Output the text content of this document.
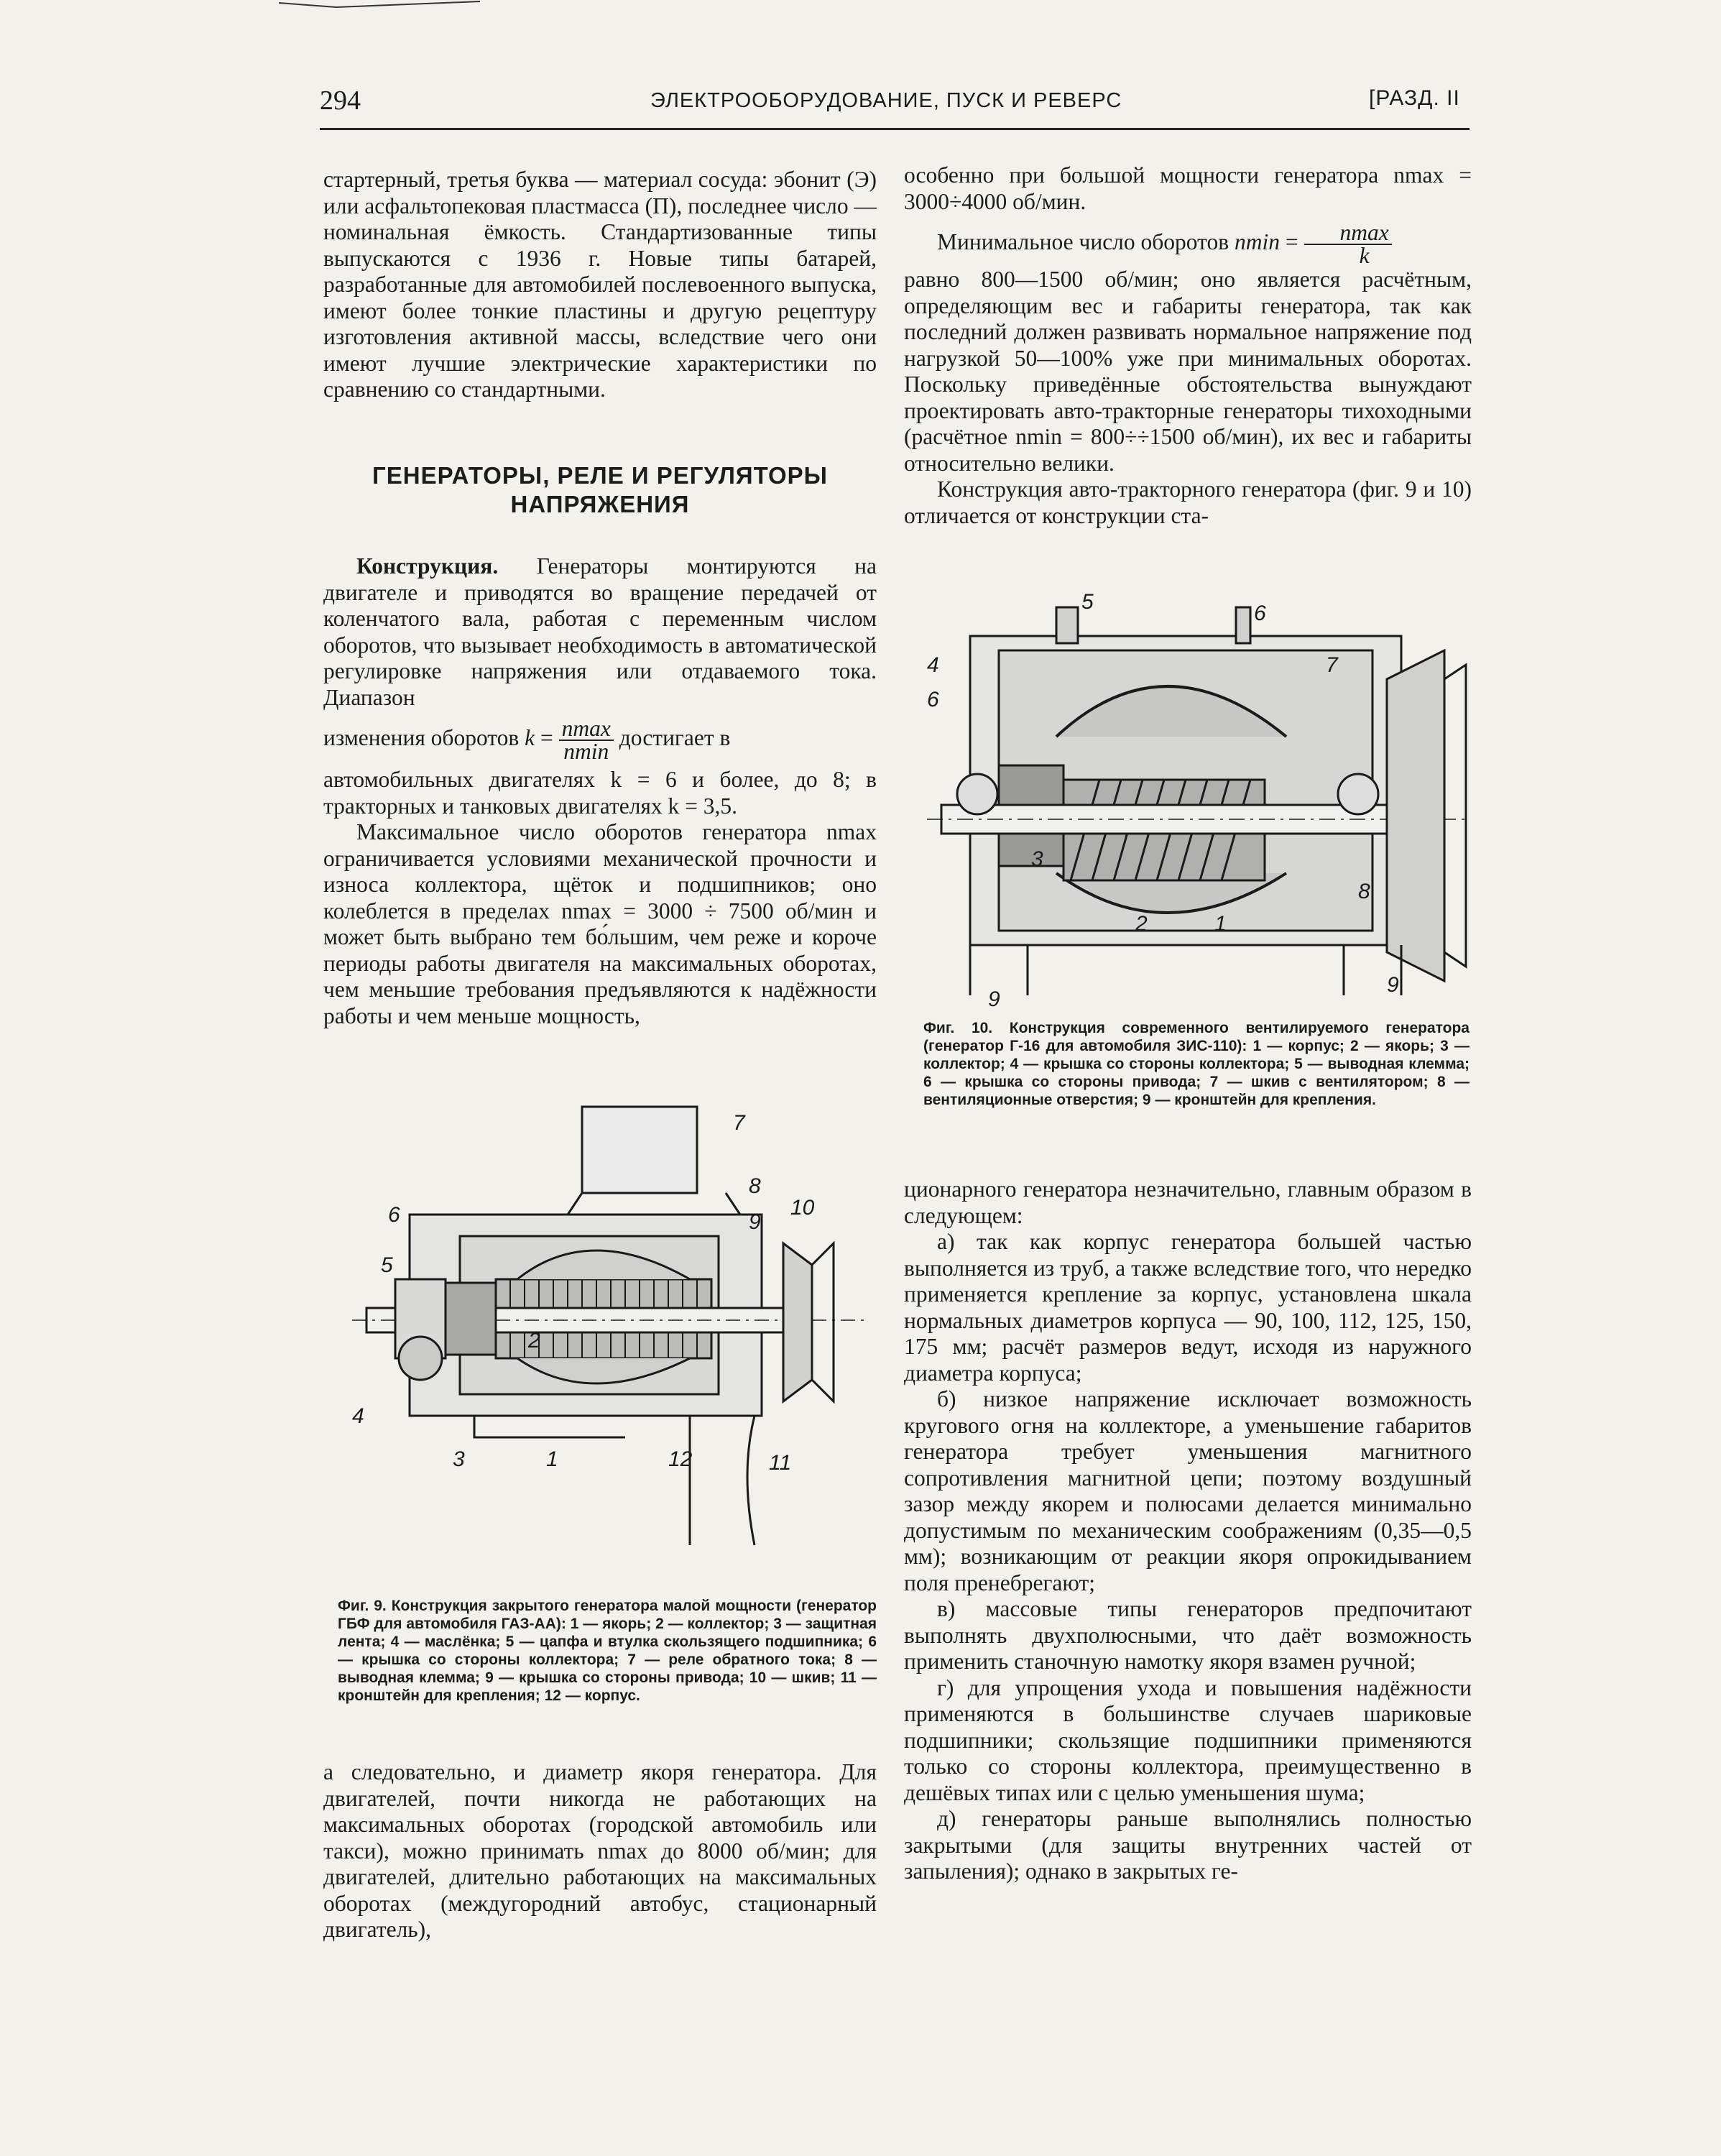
294	ЭЛЕКТРООБОРУДОВАНИЕ, ПУСК И РЕВЕРС	[РАЗД. II

стартерный, третья буква — материал сосуда: эбонит (Э) или асфальтопековая пластмасса (П), последнее число — номинальная ёмкость. Стандартизованные типы выпускаются с 1936 г. Новые типы батарей, разработанные для автомобилей послевоенного выпуска, имеют более тонкие пластины и другую рецептуру изготовления активной массы, вследствие чего они имеют лучшие электрические характеристики по сравнению со стандартными.

ГЕНЕРАТОРЫ, РЕЛЕ И РЕГУЛЯТОРЫ
НАПРЯЖЕНИЯ

Конструкция. Генераторы монтируются на двигателе и приводятся во вращение передачей от коленчатого вала, работая с переменным числом оборотов, что вызывает необходимость в автоматической регулировке напряжения или отдаваемого тока. Диапазон

изменения оборотов k = nmax
nmin
достигает в

автомобильных двигателях k = 6 и более, до 8; в тракторных и танковых двигателях k = 3,5.

Максимальное число оборотов генератора nmax ограничивается условиями механической прочности и износа коллектора, щёток и подшипников; оно колеблется в пределах nmax = 3000 ÷ 7500 об/мин и может быть выбрано тем бо́льшим, чем реже и короче периоды работы двигателя на максимальных оборотах, чем меньшие требования предъявляются к надёжности работы и чем меньше мощность,

7
8
9
10
6
5
4
3	1
2
12	11

Фиг. 9. Конструкция закрытого генератора малой мощности (генератор ГБФ для автомобиля ГАЗ-АА): 1 — якорь; 2 — коллектор; 3 — защитная лента; 4 — маслёнка; 5 — цапфа и втулка скользящего подшипника; 6 — крышка со стороны коллектора; 7 — реле обратного тока; 8 — выводная клемма; 9 — крышка со стороны привода; 10 — шкив; 11 — кронштейн для крепления; 12 — корпус.

а следовательно, и диаметр якоря генератора. Для двигателей, почти никогда не работающих на максимальных оборотах (городской автомобиль или такси), можно принимать nmax до 8000 об/мин; для двигателей, длительно работающих на максимальных оборотах (междугородний автобус, стационарный двигатель),

особенно при большой мощности генератора nmax = 3000÷4000 об/мин.

Минимальное число оборотов nmin =	nmax
k

равно 800—1500 об/мин; оно является расчётным, определяющим вес и габариты генератора, так как последний должен развивать нормальное напряжение под нагрузкой 50—100% уже при минимальных оборотах. Поскольку приведённые обстоятельства вынуждают проектировать авто-тракторные генераторы тихоходными (расчётное nmin = 800÷÷1500 об/мин), их вес и габариты относительно велики.

Конструкция авто-тракторного генератора (фиг. 9 и 10) отличается от конструкции ста-

5	6
7
4
6
3
2	1
8
9
9

Фиг. 10. Конструкция современного вентилируемого генератора (генератор Г-16 для автомобиля ЗИС-110): 1 — корпус; 2 — якорь; 3 — коллектор; 4 — крышка со стороны коллектора; 5 — выводная клемма; 6 — крышка со стороны привода; 7 — шкив с вентилятором; 8 — вентиляционные отверстия; 9 — кронштейн для крепления.

ционарного генератора незначительно, главным образом в следующем:

а) так как корпус генератора большей частью выполняется из труб, а также вследствие того, что нередко применяется крепление за корпус, установлена шкала нормальных диаметров корпуса — 90, 100, 112, 125, 150, 175 мм; расчёт размеров ведут, исходя из наружного диаметра корпуса;

б) низкое напряжение исключает возможность кругового огня на коллекторе, а уменьшение габаритов генератора требует уменьшения магнитного сопротивления магнитной цепи; поэтому воздушный зазор между якорем и полюсами делается минимально допустимым по механическим соображениям (0,35—0,5 мм); возникающим от реакции якоря опрокидыванием поля пренебрегают;

в) массовые типы генераторов предпочитают выполнять двухполюсными, что даёт возможность применить станочную намотку якоря взамен ручной;

г) для упрощения ухода и повышения надёжности применяются в большинстве случаев шариковые подшипники; скользящие подшипники применяются только со стороны коллектора, преимущественно в дешёвых типах или с целью уменьшения шума;

д) генераторы раньше выполнялись полностью закрытыми (для защиты внутренних частей от запыления); однако в закрытых ге-
